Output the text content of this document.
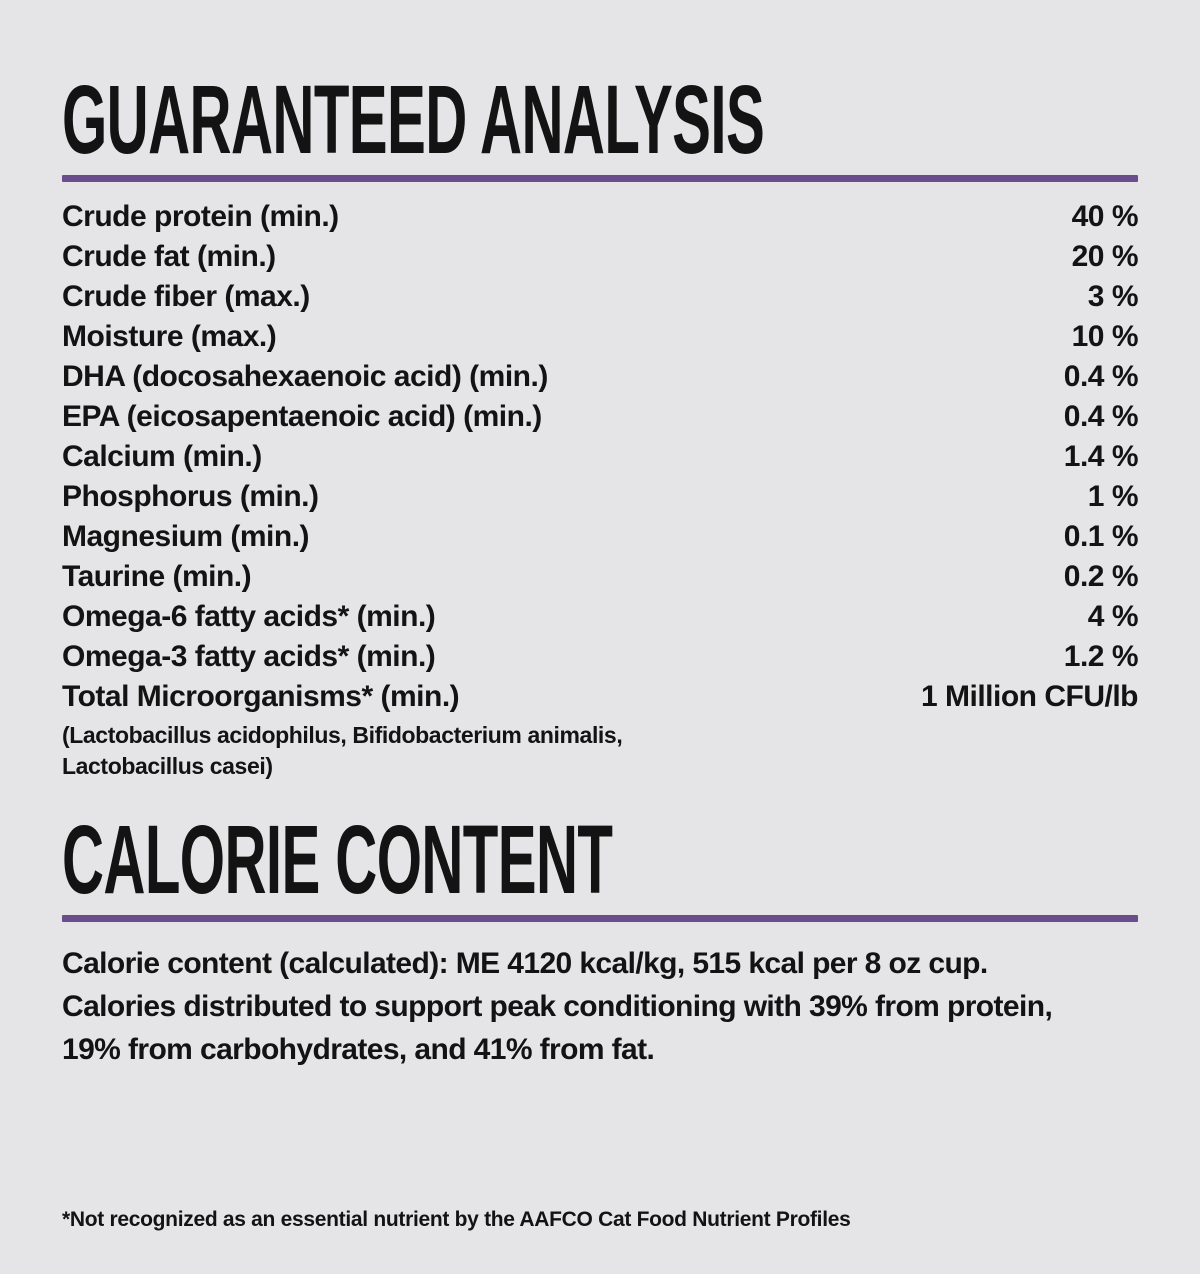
GUARANTEED ANALYSIS
Crude protein (min.)	40 %
Crude fat (min.)	20 %
Crude fiber (max.)	3 %
Moisture (max.)	10 %
DHA (docosahexaenoic acid) (min.)	0.4 %
EPA (eicosapentaenoic acid) (min.)	0.4 %
Calcium (min.)	1.4 %
Phosphorus (min.)	1 %
Magnesium (min.)	0.1 %
Taurine (min.)	0.2 %
Omega-6 fatty acids* (min.)	4 %
Omega-3 fatty acids* (min.)	1.2 %
Total Microorganisms* (min.)	1 Million CFU/lb
(Lactobacillus acidophilus, Bifidobacterium animalis,
Lactobacillus casei)
CALORIE CONTENT
Calorie content (calculated): ME 4120 kcal/kg, 515 kcal per 8 oz cup.
Calories distributed to support peak conditioning with 39% from protein,
19% from carbohydrates, and 41% from fat.
*Not recognized as an essential nutrient by the AAFCO Cat Food Nutrient Profiles
